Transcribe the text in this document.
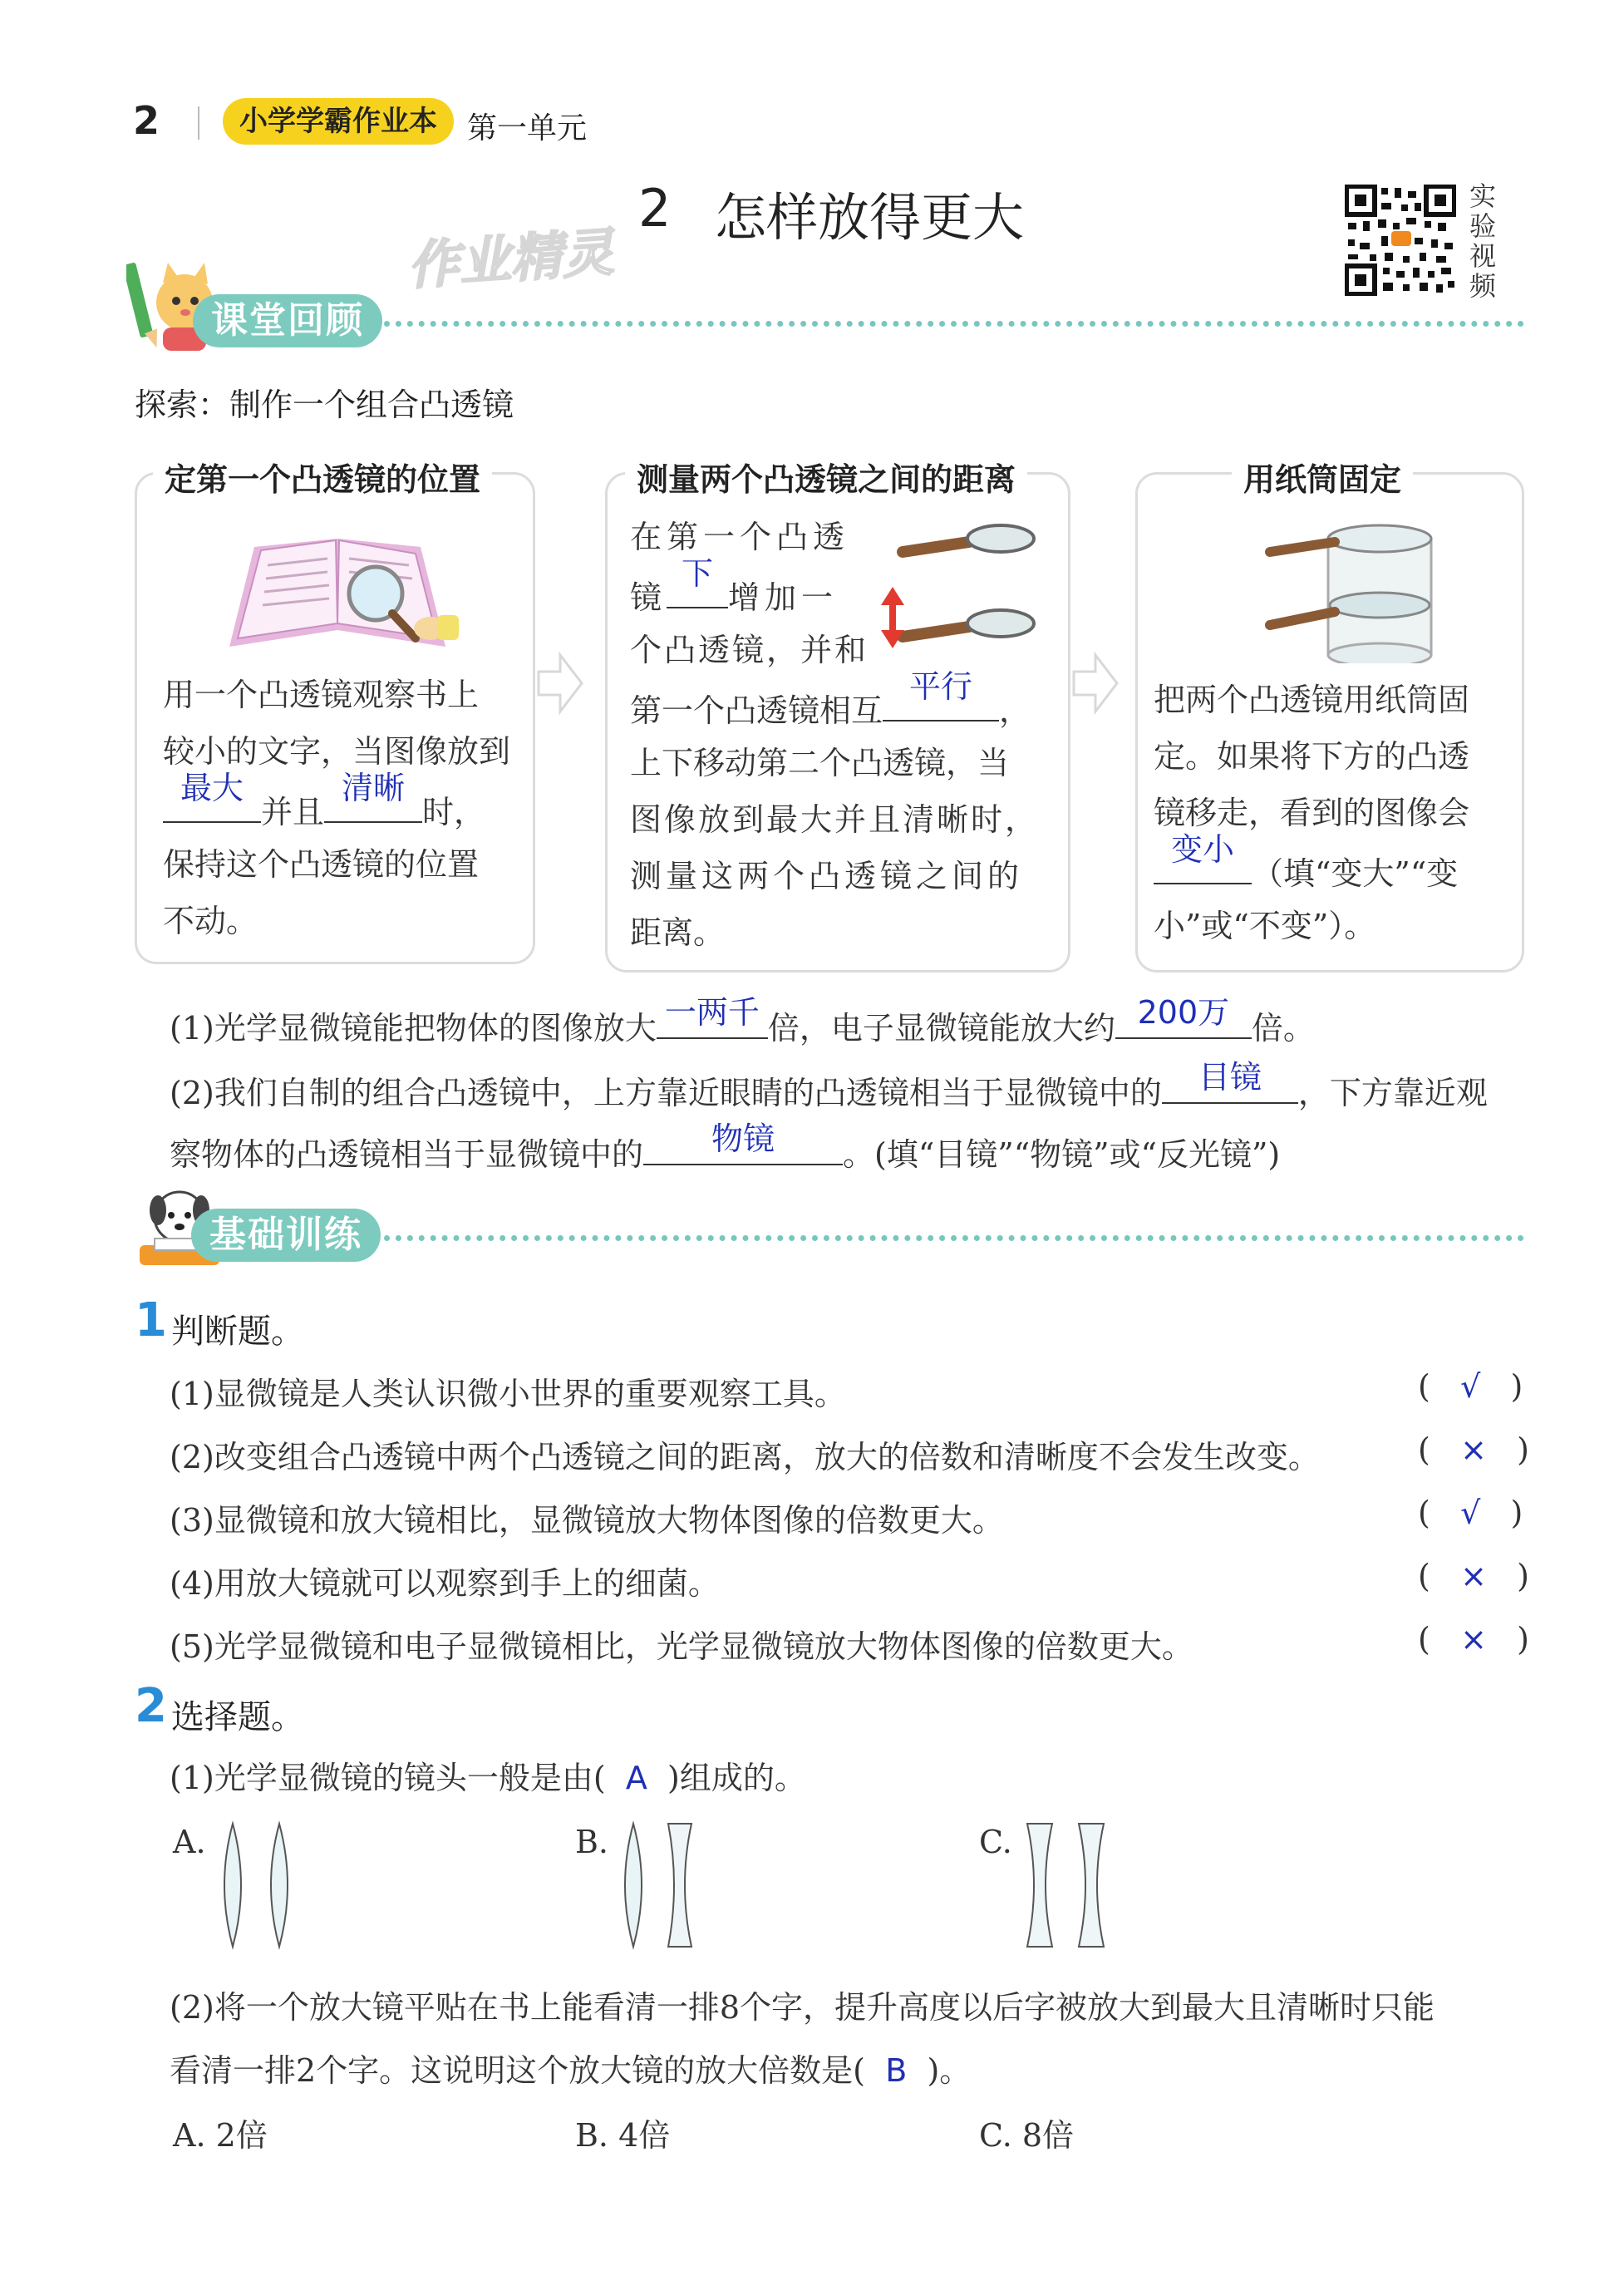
2	小学学霸作业本	第一单元
2 怎样放得更大
作业精灵
实
验
视
频
课堂回顾
探索：制作一个组合凸透镜
定第一个凸透镜的位置
用一个凸透镜观察书上
较小的文字，当图像放到
最大
并且
清晰
时，
保持这个凸透镜的位置
不动。
测量两个凸透镜之间的距离
在第一个凸透
镜
下
增加一
个凸透镜，并和
第一个凸透镜相互
平行
，
上下移动第二个凸透镜，当
图像放到最大并且清晰时，
测量这两个凸透镜之间的
距离。
用纸筒固定
把两个凸透镜用纸筒固
定。如果将下方的凸透
镜移走，看到的图像会
变小
（填“变大”“变
小”或“不变”）。
(1)光学显微镜能把物体的图像放大 一两千 倍，电子显微镜能放大约 200万 倍。
(2)我们自制的组合凸透镜中，上方靠近眼睛的凸透镜相当于显微镜中的	目镜	，下方靠近观
察物体的凸透镜相当于显微镜中的	物镜	。(填“目镜”“物镜”或“反光镜”)
基础训练
1 判断题。
(1)显微镜是人类认识微小世界的重要观察工具。	(   √   )
(2)改变组合凸透镜中两个凸透镜之间的距离，放大的倍数和清晰度不会发生改变。	(   ×   )
(3)显微镜和放大镜相比，显微镜放大物体图像的倍数更大。	(   √   )
(4)用放大镜就可以观察到手上的细菌。	(   ×   )
(5)光学显微镜和电子显微镜相比，光学显微镜放大物体图像的倍数更大。	(   ×   )
2 选择题。
(1)光学显微镜的镜头一般是由( A )组成的。
A.	B.	C.
(2)将一个放大镜平贴在书上能看清一排8个字，提升高度以后字被放大到最大且清晰时只能
看清一排2个字。这说明这个放大镜的放大倍数是( B )。
A. 2倍	B. 4倍	C. 8倍
